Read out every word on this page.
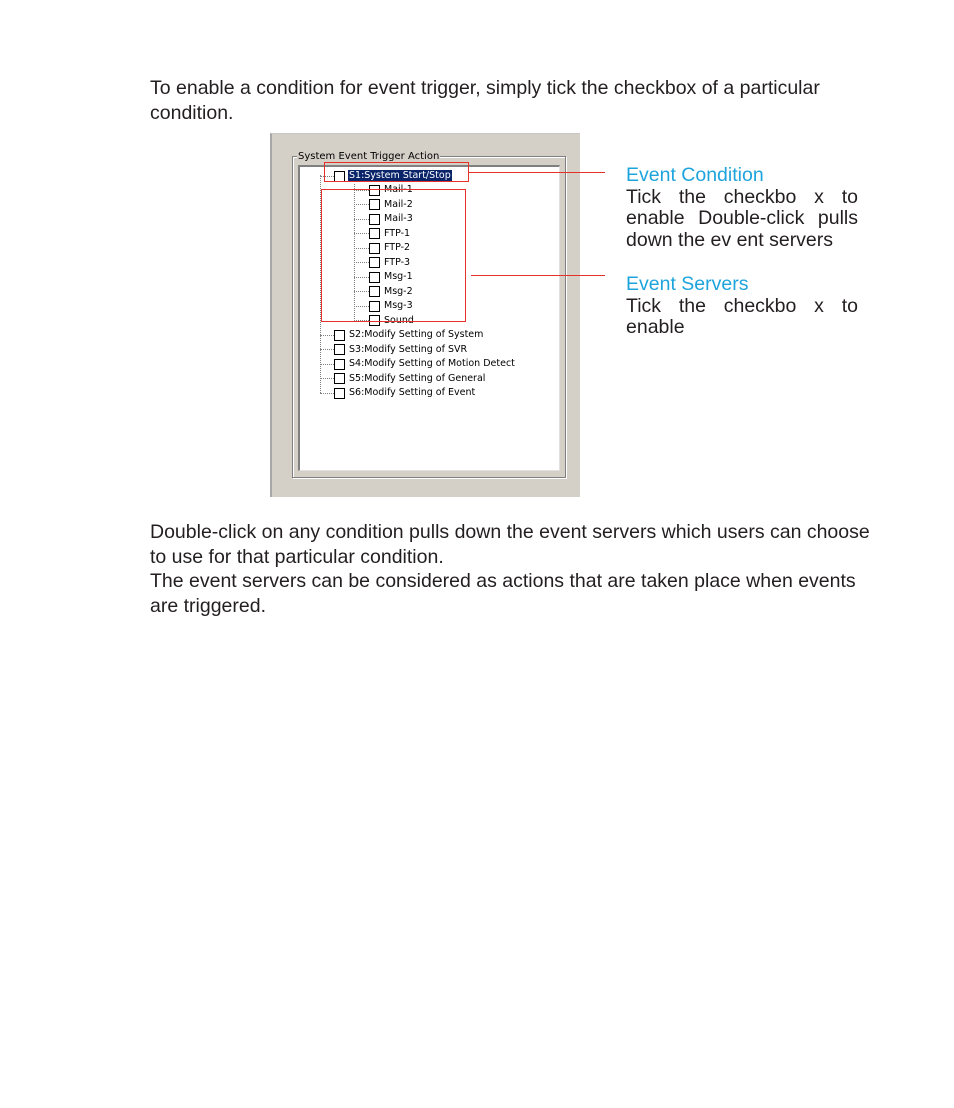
To enable a condition for event trigger, simply tick the checkbox of a particular condition.

System Event Trigger Action
S1:System Start/Stop
Mail-1
Mail-2
Mail-3
FTP-1
FTP-2
FTP-3
Msg-1
Msg-2
Msg-3
Sound
S2:Modify Setting of System
S3:Modify Setting of SVR
S4:Modify Setting of Motion Detect
S5:Modify Setting of General
S6:Modify Setting of Event

Event Condition

Tick the checkbo x to enable Double-click pulls down the ev ent servers

Event Servers

Tick the checkbo x to enable

Double-click on any condition pulls down the event servers which users can choose to use for that particular condition.
The event servers can be considered as actions that are taken place when events are triggered.
